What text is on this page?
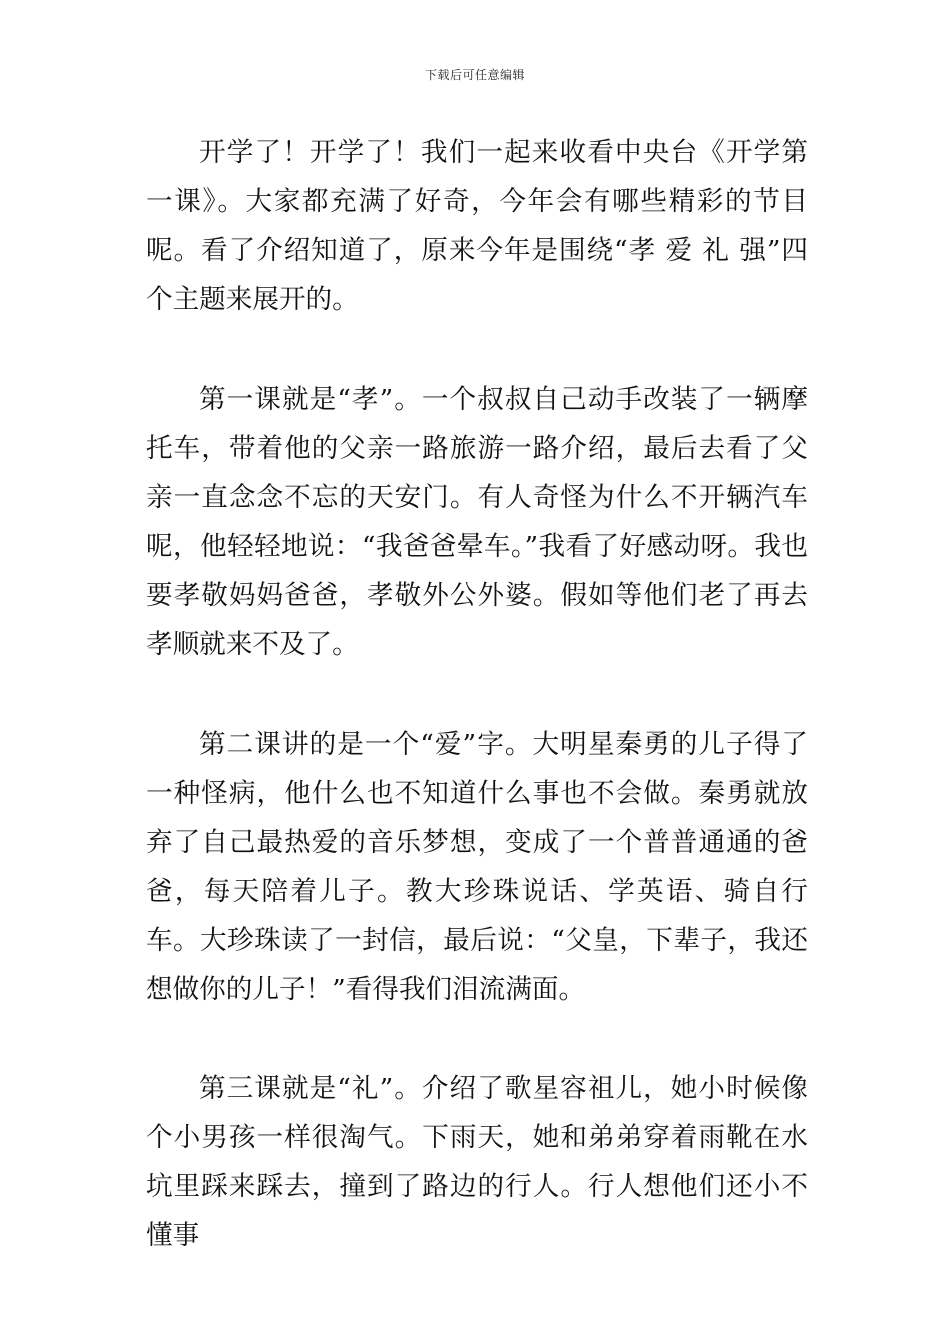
下载后可任意编辑

开学了！开学了！我们一起来收看中央台《开学第一课》。大家都充满了好奇，今年会有哪些精彩的节目呢。看了介绍知道了，原来今年是围绕“孝 爱 礼 强”四个主题来展开的。

第一课就是“孝”。一个叔叔自己动手改装了一辆摩托车，带着他的父亲一路旅游一路介绍，最后去看了父亲一直念念不忘的天安门。有人奇怪为什么不开辆汽车呢，他轻轻地说：“我爸爸晕车。”我看了好感动呀。我也要孝敬妈妈爸爸，孝敬外公外婆。假如等他们老了再去孝顺就来不及了。

第二课讲的是一个“爱”字。大明星秦勇的儿子得了一种怪病，他什么也不知道什么事也不会做。秦勇就放弃了自己最热爱的音乐梦想，变成了一个普普通通的爸爸，每天陪着儿子。教大珍珠说话、学英语、骑自行车。大珍珠读了一封信，最后说：“父皇，下辈子，我还想做你的儿子！”看得我们泪流满面。

第三课就是“礼”。介绍了歌星容祖儿，她小时候像个小男孩一样很淘气。下雨天，她和弟弟穿着雨靴在水坑里踩来踩去，撞到了路边的行人。行人想他们还小不懂事
